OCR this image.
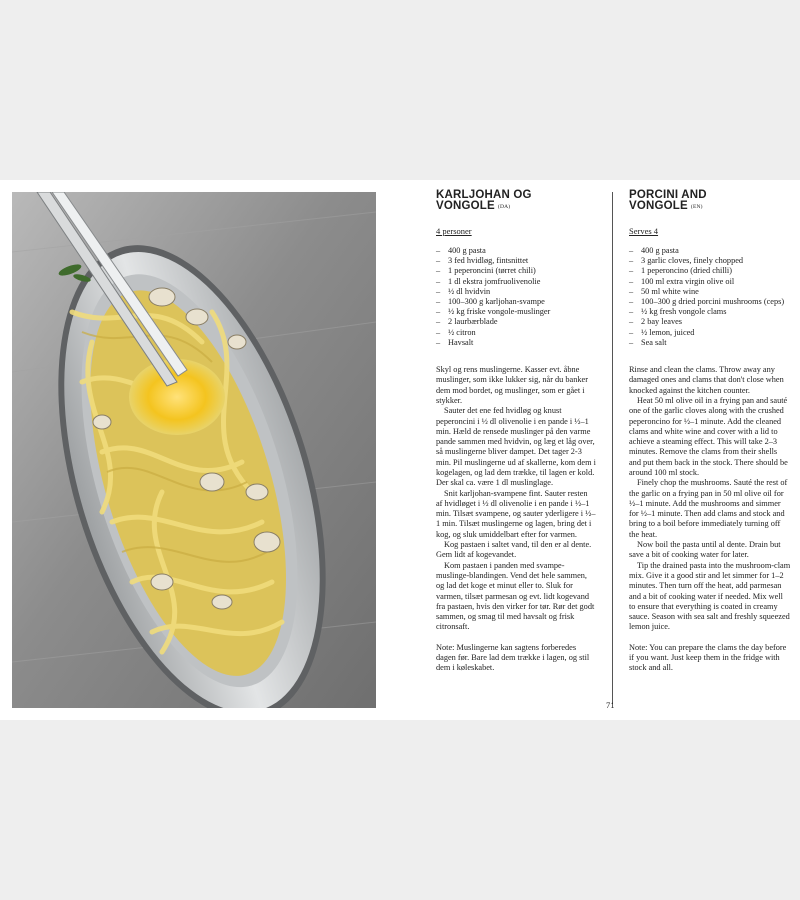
KARLJOHAN OG
VONGOLE $^{(DA)}$
4 personer
– 400 g pasta
– 3 fed hvidløg, fintsnittet
– 1 peperoncini (tørret chili)
– 1 dl ekstra jomfruolivenolie
– ½ dl hvidvin
– 100–300 g karljohan-svampe
– ½ kg friske vongole-muslinger
– 2 laurbærblade
– ½ citron
– Havsalt

Skyl og rens muslingerne. Kasser evt. åbne muslinger, som ikke lukker sig, når du banker dem mod bordet, og muslinger, som er gået i stykker.

Sauter det ene fed hvidløg og knust peperoncini i ½ dl olivenolie i en pande i ½–1 min. Hæld de rensede muslinger på den varme pande sammen med hvidvin, og læg et låg over, så muslingerne bliver dampet. Det tager 2-3 min. Pil muslingerne ud af skallerne, kom dem i kogelagen, og lad dem trække, til lagen er kold. Der skal ca. være 1 dl muslinglage.

Snit karljohan-svampene fint. Sauter resten af hvidløget i ½ dl olivenolie i en pande i ½–1 min. Tilsæt svampene, og sauter yderligere i ½–1 min. Tilsæt muslingerne og lagen, bring det i kog, og sluk umiddelbart efter for varmen.

Kog pastaen i saltet vand, til den er al dente. Gem lidt af kogevandet.

Kom pastaen i panden med svampe-muslinge-blandingen. Vend det hele sammen, og lad det koge et minut eller to. Sluk for varmen, tilsæt parmesan og evt. lidt kogevand fra pastaen, hvis den virker for tør. Rør det godt sammen, og smag til med havsalt og frisk citronsaft.

Note: Muslingerne kan sagtens forberedes dagen før. Bare lad dem trække i lagen, og stil dem i køleskabet.

PORCINI AND
VONGOLE $^{(EN)}$
Serves 4
– 400 g pasta
– 3 garlic cloves, finely chopped
– 1 peperoncino (dried chilli)
– 100 ml extra virgin olive oil
– 50 ml white wine
– 100–300 g dried porcini mushrooms (ceps)
– ½ kg fresh vongole clams
– 2 bay leaves
– ½ lemon, juiced
– Sea salt

Rinse and clean the clams. Throw away any damaged ones and clams that don't close when knocked against the kitchen counter.

Heat 50 ml olive oil in a frying pan and sauté one of the garlic cloves along with the crushed peperoncino for ½–1 minute. Add the cleaned clams and white wine and cover with a lid to achieve a steaming effect. This will take 2–3 minutes. Remove the clams from their shells and put them back in the stock. There should be around 100 ml stock.

Finely chop the mushrooms. Sauté the rest of the garlic on a frying pan in 50 ml olive oil for ½–1 minute. Add the mushrooms and simmer for ½–1 minute. Then add clams and stock and bring to a boil before immediately turning off the heat.

Now boil the pasta until al dente. Drain but save a bit of cooking water for later.

Tip the drained pasta into the mushroom-clam mix. Give it a good stir and let simmer for 1–2 minutes. Then turn off the heat, add parmesan and a bit of cooking water if needed. Mix well to ensure that everything is coated in creamy sauce. Season with sea salt and freshly squeezed lemon juice.

Note: You can prepare the clams the day before if you want. Just keep them in the fridge with stock and all.

71
